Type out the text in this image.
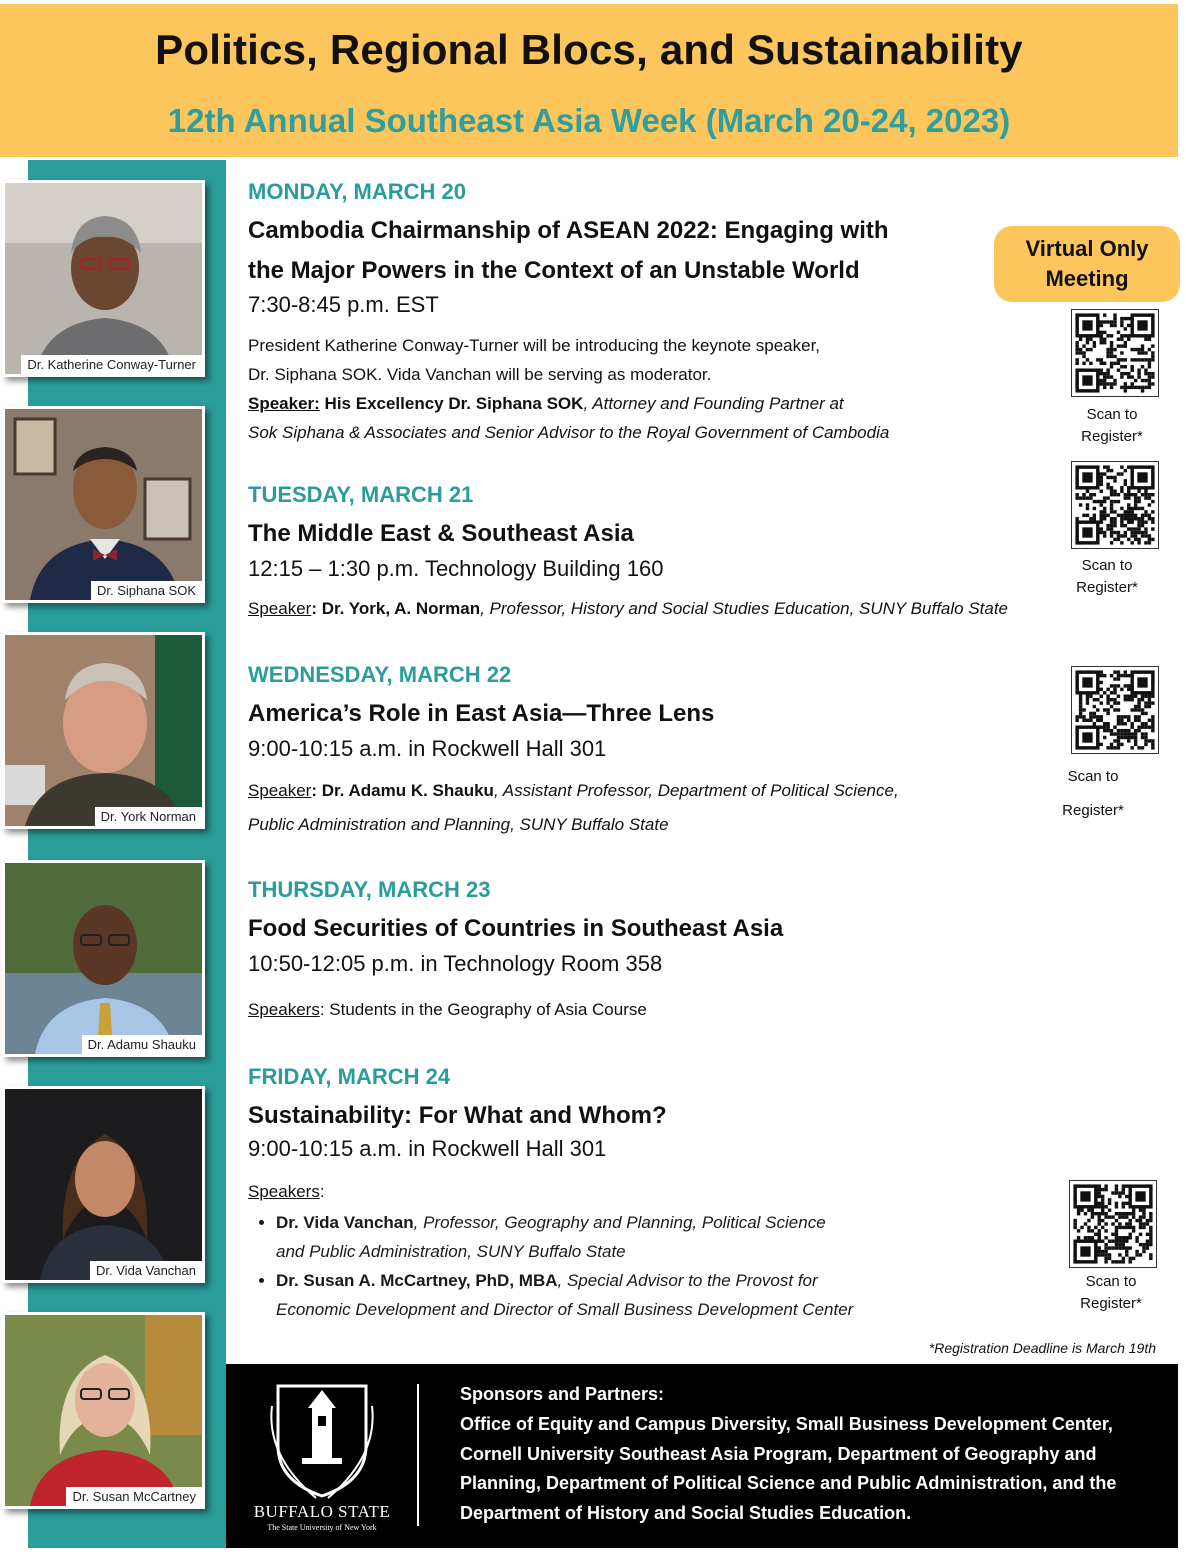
Politics, Regional Blocs, and Sustainability
12th Annual Southeast Asia Week (March 20-24, 2023)
Dr. Katherine Conway-Turner
Dr. Siphana SOK
Dr. York Norman
Dr. Adamu Shauku
Dr. Vida Vanchan
Dr. Susan McCartney
Virtual Only
Meeting
Scan to
Register*
Scan to
Register*
Scan to
Register*
Scan to
Register*
MONDAY, MARCH 20
Cambodia Chairmanship of ASEAN 2022: Engaging with
the Major Powers in the Context of an Unstable World
7:30-8:45 p.m. EST
President Katherine Conway-Turner will be introducing the keynote speaker,
Dr. Siphana SOK. Vida Vanchan will be serving as moderator.
Speaker: His Excellency Dr. Siphana SOK, Attorney and Founding Partner at
Sok Siphana & Associates and Senior Advisor to the Royal Government of Cambodia
TUESDAY, MARCH 21
The Middle East & Southeast Asia
12:15 – 1:30 p.m. Technology Building 160
Speaker: Dr. York, A. Norman, Professor, History and Social Studies Education, SUNY Buffalo State
WEDNESDAY, MARCH 22
America’s Role in East Asia—Three Lens
9:00-10:15 a.m. in Rockwell Hall 301
Speaker: Dr. Adamu K. Shauku, Assistant Professor, Department of Political Science,
Public Administration and Planning, SUNY Buffalo State
THURSDAY, MARCH 23
Food Securities of Countries in Southeast Asia
10:50-12:05 p.m. in Technology Room 358
Speakers: Students in the Geography of Asia Course
FRIDAY, MARCH 24
Sustainability: For What and Whom?
9:00-10:15 a.m. in Rockwell Hall 301
Speakers:
• Dr. Vida Vanchan, Professor, Geography and Planning, Political Science
and Public Administration, SUNY Buffalo State
• Dr. Susan A. McCartney, PhD, MBA, Special Advisor to the Provost for
Economic Development and Director of Small Business Development Center
*Registration Deadline is March 19th
BUFFALO STATE
The State University of New York
Sponsors and Partners:
Office of Equity and Campus Diversity, Small Business Development Center, Cornell University Southeast Asia Program, Department of Geography and Planning, Department of Political Science and Public Administration, and the Department of History and Social Studies Education.
